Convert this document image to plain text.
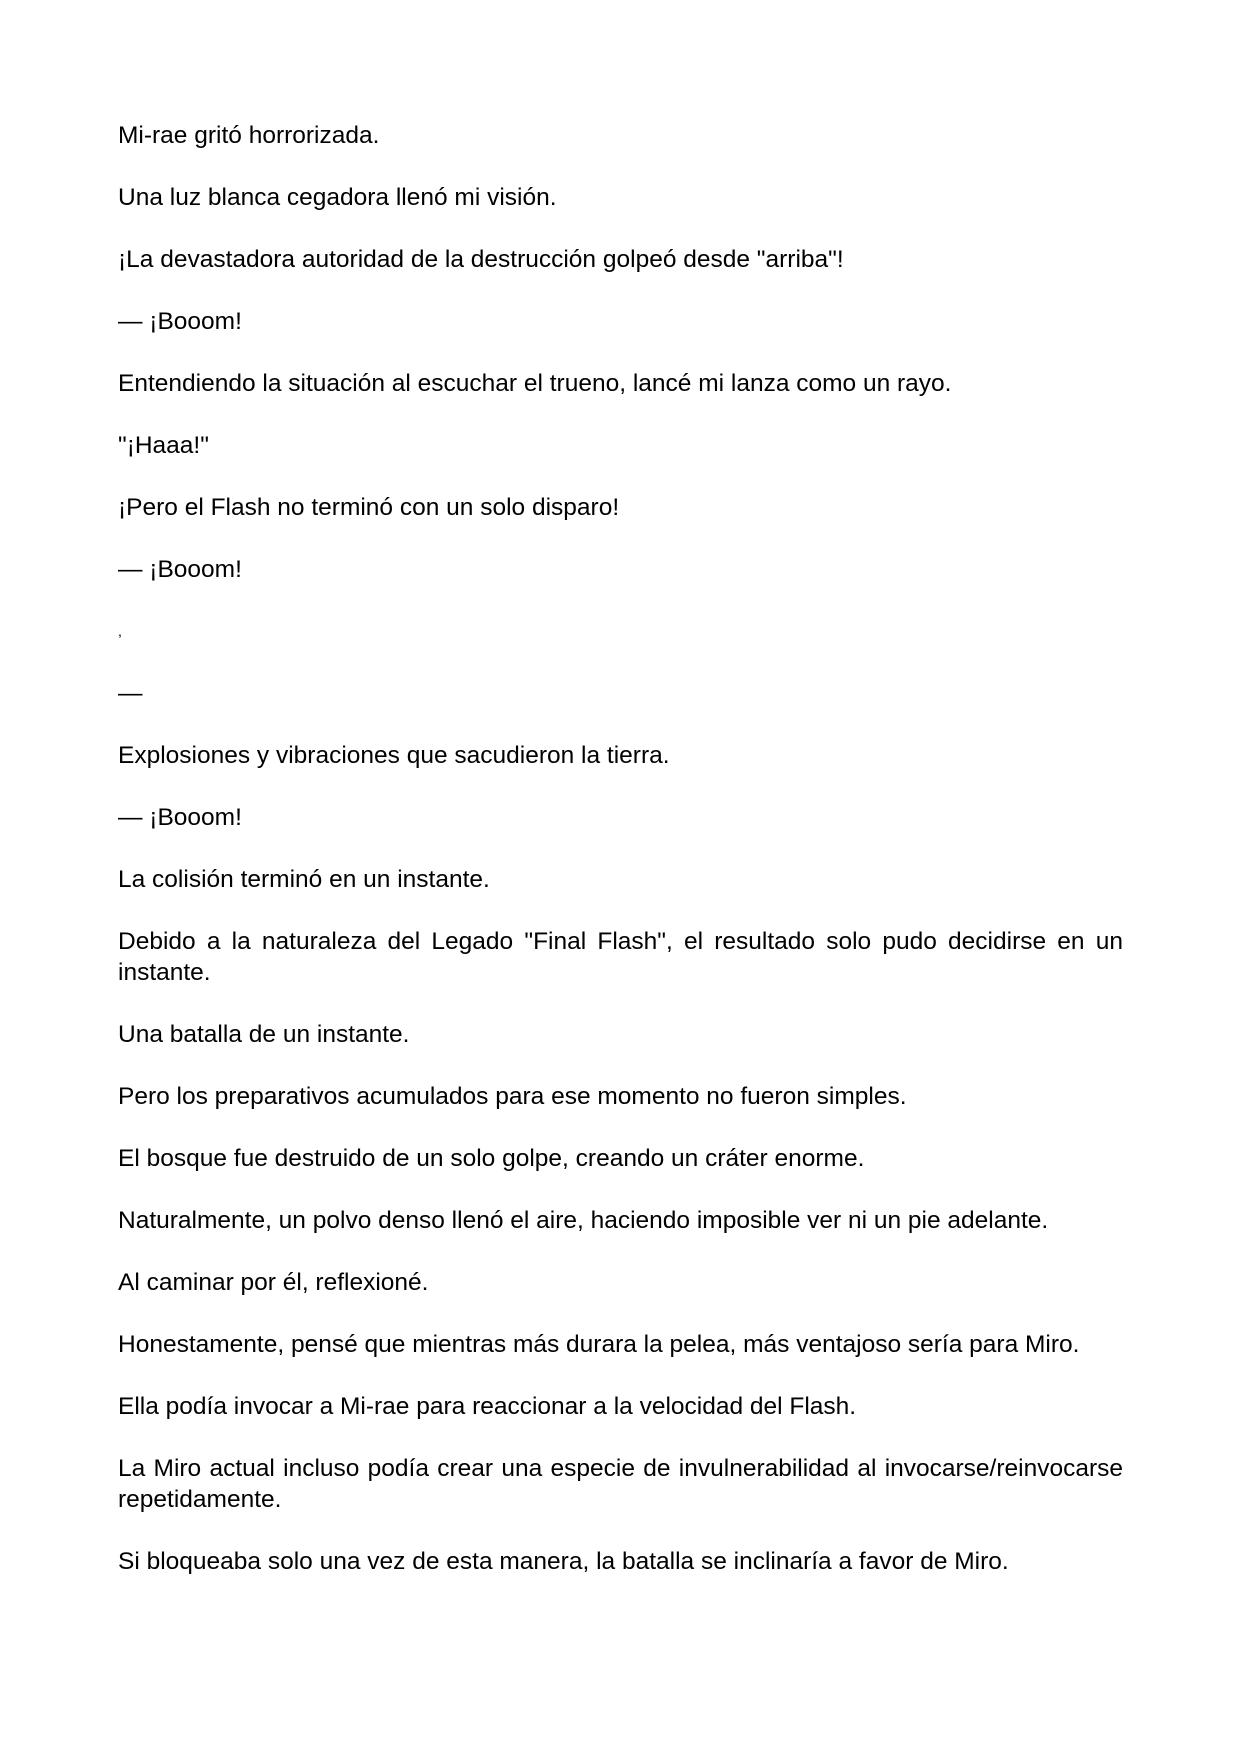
Mi-rae gritó horrorizada.

Una luz blanca cegadora llenó mi visión.

¡La devastadora autoridad de la destrucción golpeó desde "arriba"!

— ¡Booom!

Entendiendo la situación al escuchar el trueno, lancé mi lanza como un rayo.

"¡Haaa!"

¡Pero el Flash no terminó con un solo disparo!

— ¡Booom!

,

—

Explosiones y vibraciones que sacudieron la tierra.

— ¡Booom!

La colisión terminó en un instante.

Debido a la naturaleza del Legado "Final Flash", el resultado solo pudo decidirse en un instante.

Una batalla de un instante.

Pero los preparativos acumulados para ese momento no fueron simples.

El bosque fue destruido de un solo golpe, creando un cráter enorme.

Naturalmente, un polvo denso llenó el aire, haciendo imposible ver ni un pie adelante.

Al caminar por él, reflexioné.

Honestamente, pensé que mientras más durara la pelea, más ventajoso sería para Miro.

Ella podía invocar a Mi-rae para reaccionar a la velocidad del Flash.

La Miro actual incluso podía crear una especie de invulnerabilidad al invocarse/reinvocarse repetidamente.

Si bloqueaba solo una vez de esta manera, la batalla se inclinaría a favor de Miro.
